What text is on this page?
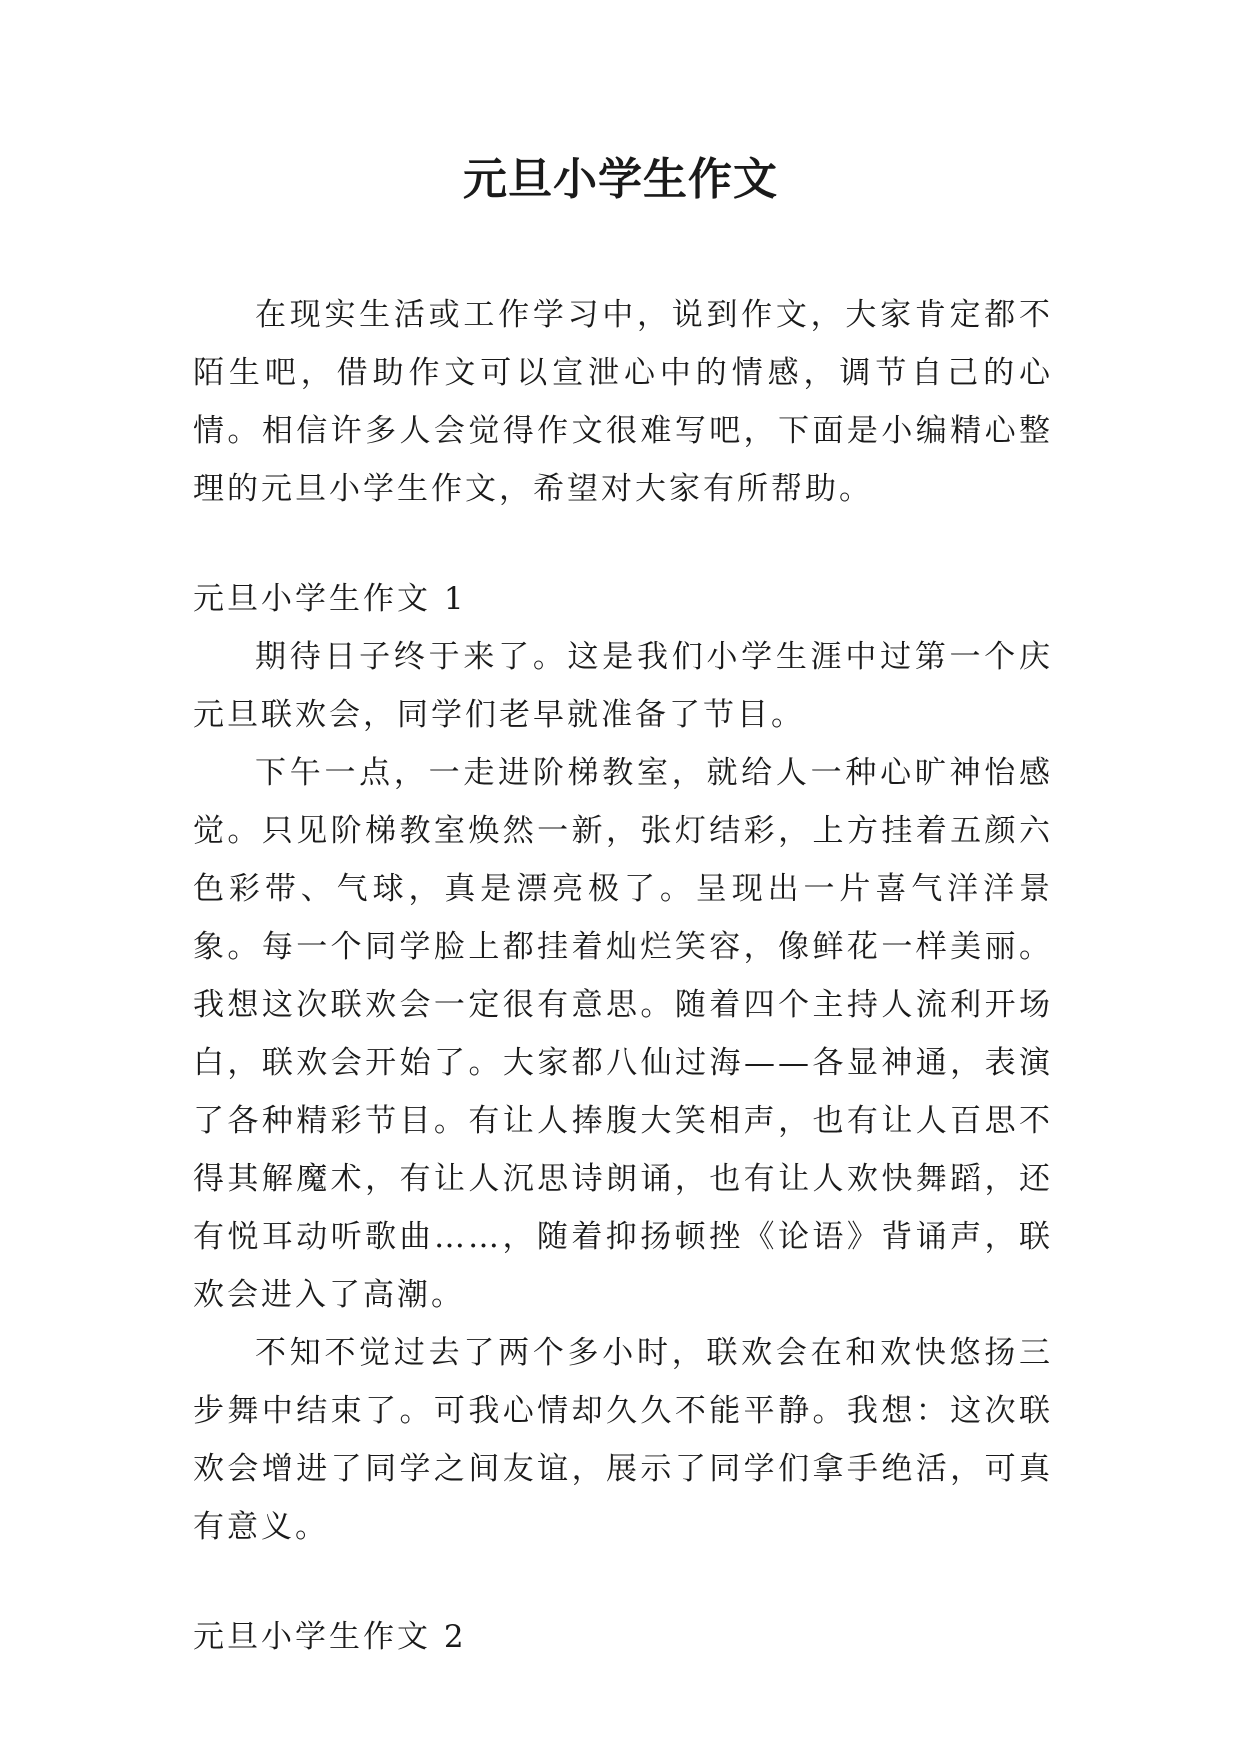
元旦小学生作文

在现实生活或工作学习中，说到作文，大家肯定都不陌生吧，借助作文可以宣泄心中的情感，调节自己的心情。相信许多人会觉得作文很难写吧，下面是小编精心整理的元旦小学生作文，希望对大家有所帮助。

元旦小学生作文 1

期待日子终于来了。这是我们小学生涯中过第一个庆元旦联欢会，同学们老早就准备了节目。

下午一点，一走进阶梯教室，就给人一种心旷神怡感觉。只见阶梯教室焕然一新，张灯结彩，上方挂着五颜六色彩带、气球，真是漂亮极了。呈现出一片喜气洋洋景象。每一个同学脸上都挂着灿烂笑容，像鲜花一样美丽。我想这次联欢会一定很有意思。随着四个主持人流利开场白，联欢会开始了。大家都八仙过海——各显神通，表演了各种精彩节目。有让人捧腹大笑相声，也有让人百思不得其解魔术，有让人沉思诗朗诵，也有让人欢快舞蹈，还有悦耳动听歌曲……，随着抑扬顿挫《论语》背诵声，联欢会进入了高潮。

不知不觉过去了两个多小时，联欢会在和欢快悠扬三步舞中结束了。可我心情却久久不能平静。我想：这次联欢会增进了同学之间友谊，展示了同学们拿手绝活，可真有意义。

元旦小学生作文 2
